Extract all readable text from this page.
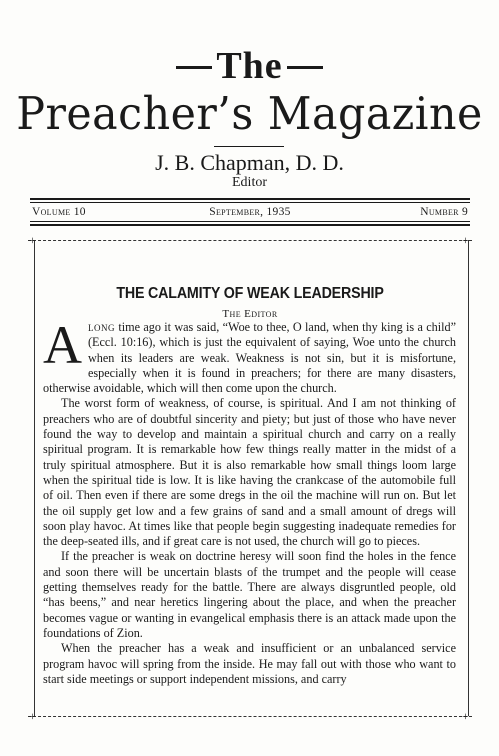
The
Preacher’s Magazine
J. B. Chapman, D. D.
Editor
Volume 10	September, 1935	Number 9
+	+
+	+
THE CALAMITY OF WEAK LEADERSHIP
The Editor

Along time ago it was said, “Woe to thee, O land, when thy king is a child” (Eccl. 10:16), which is just the equivalent of saying, Woe unto the church when its leaders are weak. Weakness is not sin, but it is misfortune, especially when it is found in preachers; for there are many disasters, otherwise avoidable, which will then come upon the church.

The worst form of weakness, of course, is spiritual. And I am not thinking of preachers who are of doubtful sincerity and piety; but just of those who have never found the way to develop and maintain a spiritual church and carry on a really spiritual program. It is remarkable how few things really matter in the midst of a truly spiritual atmosphere. But it is also remarkable how small things loom large when the spiritual tide is low. It is like having the crankcase of the automobile full of oil. Then even if there are some dregs in the oil the machine will run on. But let the oil supply get low and a few grains of sand and a small amount of dregs will soon play havoc. At times like that people begin suggesting inadequate remedies for the deep-seated ills, and if great care is not used, the church will go to pieces.

If the preacher is weak on doctrine heresy will soon find the holes in the fence and soon there will be uncertain blasts of the trumpet and the people will cease getting themselves ready for the battle. There are always disgruntled people, old “has beens,” and near heretics lingering about the place, and when the preacher becomes vague or wanting in evangelical emphasis there is an attack made upon the foundations of Zion.

When the preacher has a weak and insufficient or an unbalanced service program havoc will spring from the inside. He may fall out with those who want to start side meetings or support independent missions, and carry
